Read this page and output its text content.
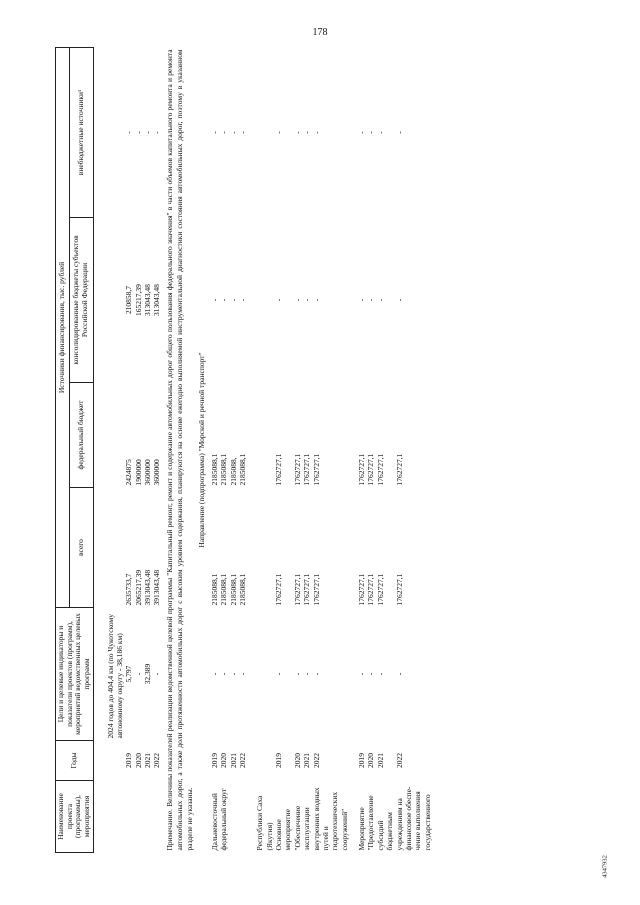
178
4347932
Наименование проекта (программы), мероприятия	Годы	Цели и целевые индикаторы и показатели проектов (программ), мероприятий ведомственных целевых программ	Источники финансирования, тыс. рублей			
			всего	федеральный бюджет	консолидированные бюджеты субъектов Российской Федерации	внебюджетные источники¹
		2024 годов до 404,4 км (по Чукотскому автономному округу - 38,186 км)				
	2019	5,797	2635733,7	2424875	210858,7	-
	2020	-	2065217,39	1900000	165217,39	-
	2021	32,389	3913043,48	3600000	313043,48	-
	2022	-	3913043,48	3600000	313043,48	-
Примечание. Величины показателей реализации ведомственной целевой программы "Капитальный ремонт, ремонт и содержание автомобильных дорог общего пользования федерального значения" в части объемов капитального ремонта и ремонта автомобильных дорог, а также доли протяженности автомобильных дорог с высоким уровнем содержания, планируются на основе ежегодно выполняемой инструментальной диагностики состояния автомобильных дорог, поэтому в указанном разделе не указаны.						
Направление (подпрограмма) "Морской и речной транспорт"						
Дальневосточный	2019	-	2185088,1	2185088,1	-	-
федеральный округ	2020	-	2185088,1	2185088,1	-	-
	2021	-	2185088,1	2185088,	-	-
	2022	-	2185088,1	2185088,1	-	-

Республики Саха						
(Якутия)						
Основное мероприятие	2019	-	1762727,1	1762727,1	-	-
"Обеспечение	2020	-	1762727,1	1762727,1	-	-
эксплуатации	2021	-	1762727,1	1762727,1	-	-
внутренних водных	2022	-	1762727,1	1762727,1	-	-
путей и						
гидротехнических						
сооружений"						

Мероприятие	2019	-	1762727,1	1762727,1	-	-
"Предоставление	2020	-	1762727,1	1762727,1	-	-
субсидий бюджетным	2021	-	1762727,1	1762727,1	-	-
учреждениям на	2022	-	1762727,1	1762727,1	-	-
финансовое обеспе-						
чение выполнения						
государственного						
